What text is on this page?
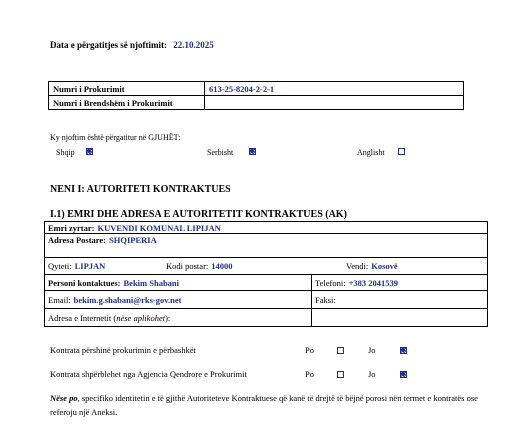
Data e përgatitjes së njoftimit: 22.10.2025
Numri i Prokurimit	613-25-8204-2-2-1
Numri i Brendshëm i Prokurimit	
Ky njoftim është përgatitur në GJUHËT:
Shqip	Serbisht	Anglisht
NENI I: AUTORITETI KONTRAKTUES
I.1) EMRI DHE ADRESA E AUTORITETIT KONTRAKTUES (AK)
Emri zyrtar: KUVENDI KOMUNAL LIPIJAN
Adresa Postare: SHQIPERIA
Qyteti: LIPJAN	Kodi postar: 14000	Vendi: Kosovë
Personi kontaktues: Bekim Shabani	Telefoni: +383 2041539
Email: bekim.g.shabani@rks-gov.net	Faksi:
Adresa e Internetit ( nëse aplikohet ):
Kontrata përshinë prokurimin e përbashkët	Po	Jo
Kontrata shpërblehet nga Agjencia Qendrore e Prokurimit	Po	Jo
Nëse po, specifiko identitetin e të gjithë Autoriteteve Kontraktuese që kanë të drejtë të bëjnë porosi nën termet e kontratës ose referoju një Aneksi.
